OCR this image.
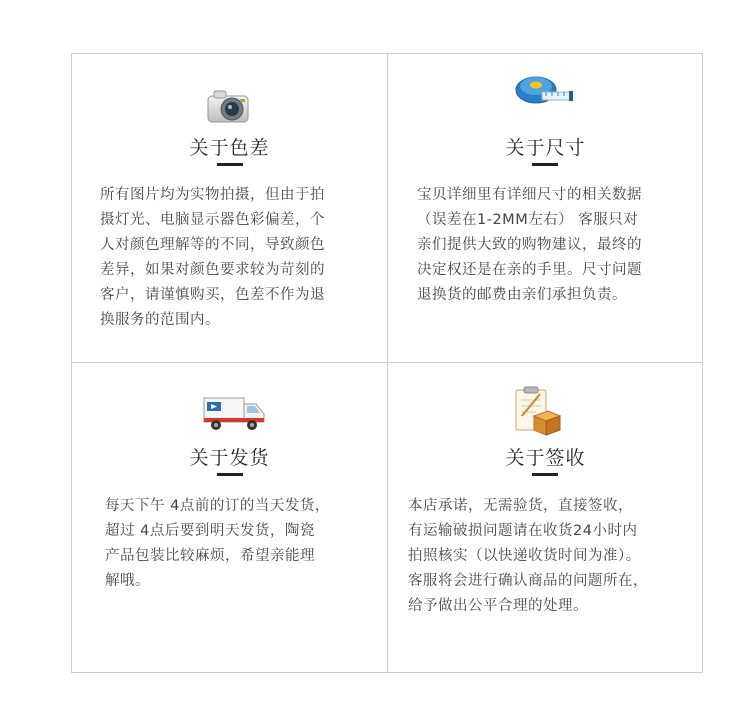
关于色差
所有图片均为实物拍摄，但由于拍
摄灯光、电脑显示器色彩偏差，个
人对颜色理解等的不同，导致颜色
差异，如果对颜色要求较为苛刻的
客户，请谨慎购买，色差不作为退
换服务的范围内。
关于尺寸
宝贝详细里有详细尺寸的相关数据
（误差在1-2MM左右） 客服只对
亲们提供大致的购物建议，最终的
决定权还是在亲的手里。尺寸问题
退换货的邮费由亲们承担负责。
关于发货
每天下午 4点前的订的当天发货，
超过 4点后要到明天发货，陶瓷
产品包装比较麻烦，希望亲能理
解哦。
关于签收
本店承诺，无需验货，直接签收，
有运输破损问题请在收货24小时内
拍照核实（以快递收货时间为准）。
客服将会进行确认商品的问题所在，
给予做出公平合理的处理。
